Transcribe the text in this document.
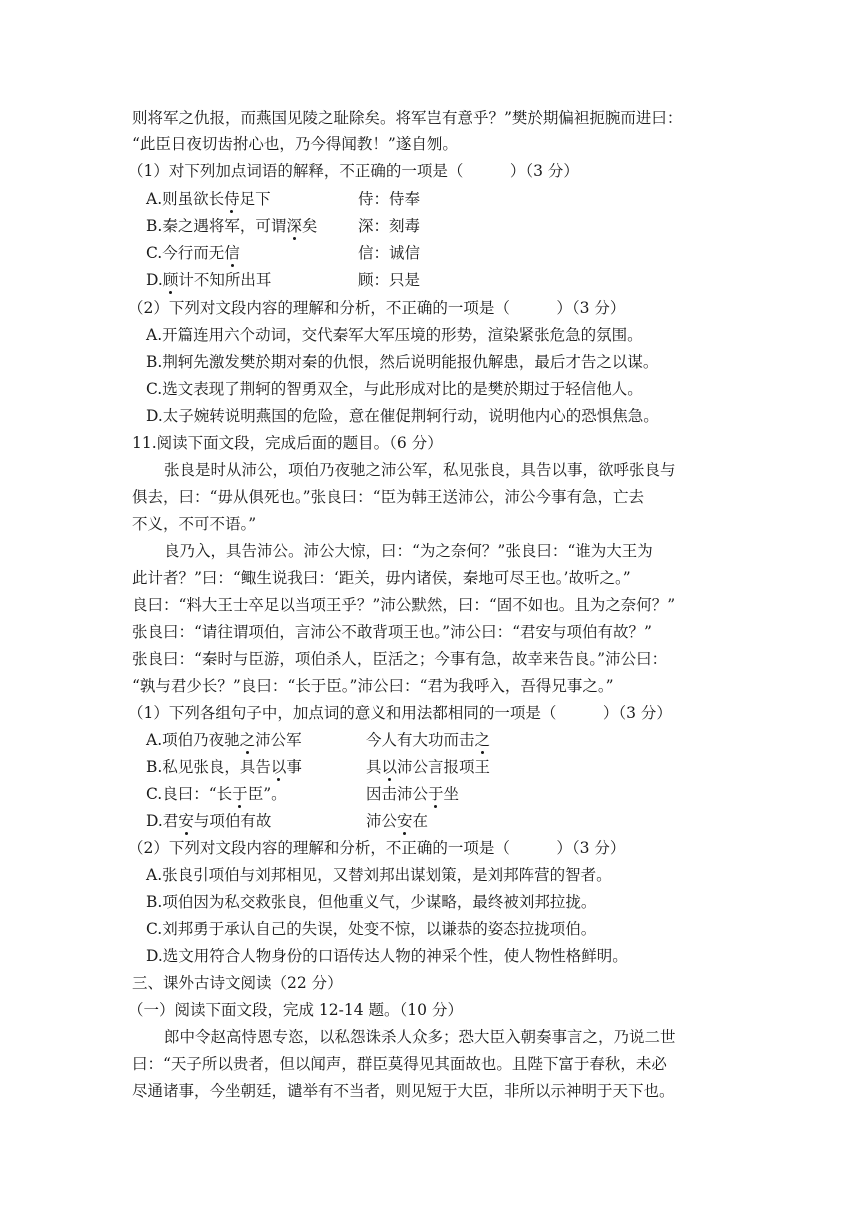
则将军之仇报，而燕国见陵之耻除矣。将军岂有意乎？”樊於期偏袒扼腕而进曰：
“此臣日夜切齿拊心也，乃今得闻教！”遂自刎。
（1）对下列加点词语的解释，不正确的一项是（　　　）（3 分）
A.则虽欲长侍足下	侍：侍奉
B.秦之遇将军，可谓深矣	深：刻毒
C.今行而无信	信：诚信
D.顾计不知所出耳	顾：只是
（2）下列对文段内容的理解和分析，不正确的一项是（　　　）（3 分）
A.开篇连用六个动词，交代秦军大军压境的形势，渲染紧张危急的氛围。
B.荆轲先激发樊於期对秦的仇恨，然后说明能报仇解患，最后才告之以谋。
C.选文表现了荆轲的智勇双全，与此形成对比的是樊於期过于轻信他人。
D.太子婉转说明燕国的危险，意在催促荆轲行动，说明他内心的恐惧焦急。
11.阅读下面文段，完成后面的题目。（6 分）
张良是时从沛公，项伯乃夜驰之沛公军，私见张良，具告以事，欲呼张良与
俱去，曰：“毋从俱死也。”张良曰：“臣为韩王送沛公，沛公今事有急，亡去
不义，不可不语。”
良乃入，具告沛公。沛公大惊，曰：“为之奈何？”张良曰：“谁为大王为
此计者？”曰：“鲰生说我曰：‘距关，毋内诸侯，秦地可尽王也。’故听之。”
良曰：“料大王士卒足以当项王乎？”沛公默然，曰：“固不如也。且为之奈何？”
张良曰：“请往谓项伯，言沛公不敢背项王也。”沛公曰：“君安与项伯有故？”
张良曰：“秦时与臣游，项伯杀人，臣活之；今事有急，故幸来告良。”沛公曰：
“孰与君少长？”良曰：“长于臣。”沛公曰：“君为我呼入，吾得兄事之。”
（1）下列各组句子中，加点词的意义和用法都相同的一项是（　　　）（3 分）
A.项伯乃夜驰之沛公军	今人有大功而击之
B.私见张良，具告以事	具以沛公言报项王
C.良曰：“长于臣”。	因击沛公于坐
D.君安与项伯有故	沛公安在
（2）下列对文段内容的理解和分析，不正确的一项是（　　　）（3 分）
A.张良引项伯与刘邦相见，又替刘邦出谋划策，是刘邦阵营的智者。
B.项伯因为私交救张良，但他重义气，少谋略，最终被刘邦拉拢。
C.刘邦勇于承认自己的失误，处变不惊，以谦恭的姿态拉拢项伯。
D.选文用符合人物身份的口语传达人物的神采个性，使人物性格鲜明。
三、课外古诗文阅读（22 分）
（一）阅读下面文段，完成 12-14 题。（10 分）
郎中令赵高恃恩专恣，以私怨诛杀人众多；恐大臣入朝奏事言之，乃说二世
曰：“天子所以贵者，但以闻声，群臣莫得见其面故也。且陛下富于春秋，未必
尽通诸事，今坐朝廷，谴举有不当者，则见短于大臣，非所以示神明于天下也。
